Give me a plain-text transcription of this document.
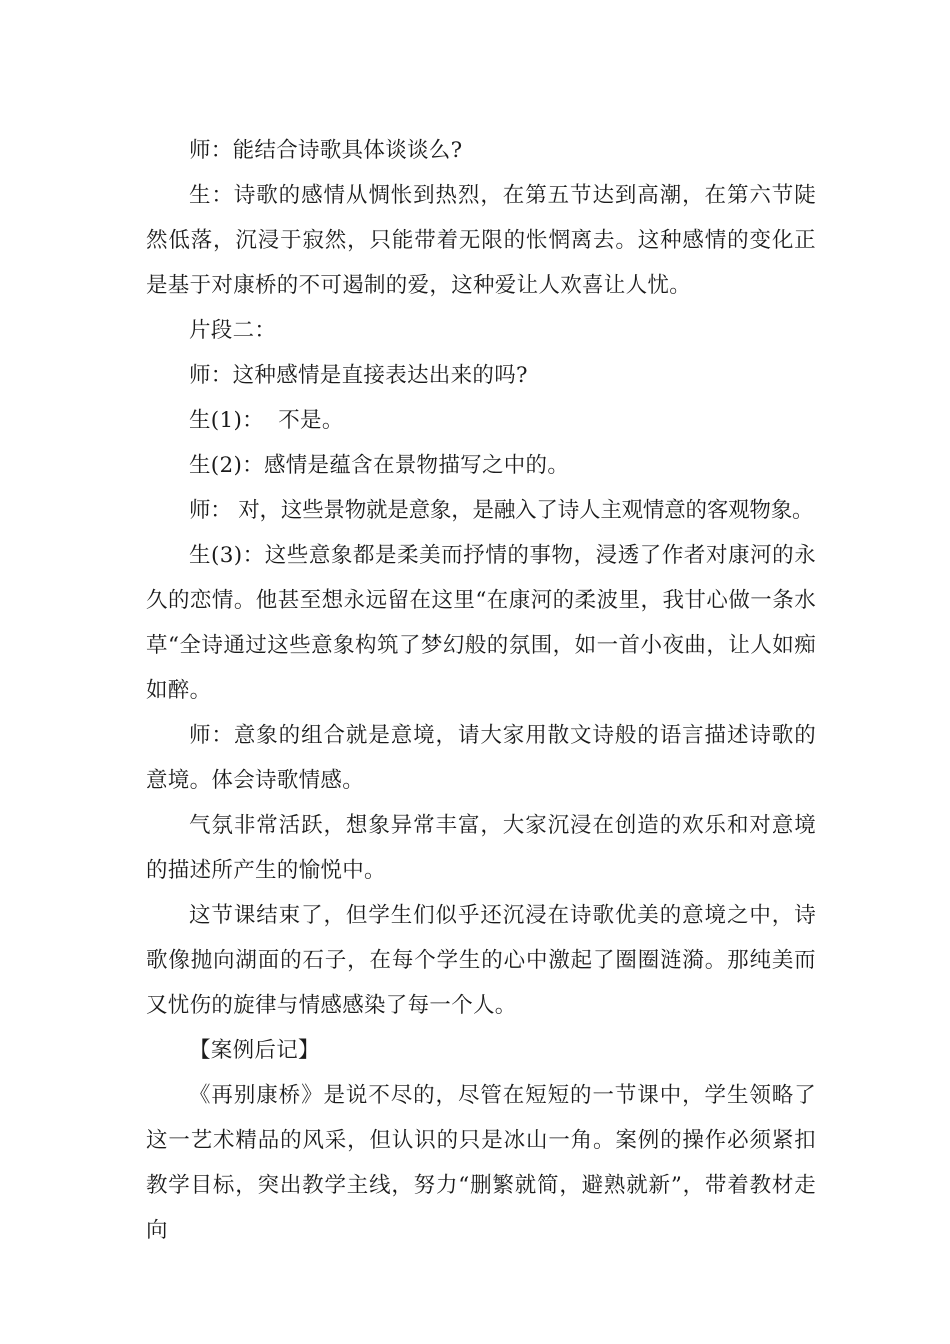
师：能结合诗歌具体谈谈么?

生：诗歌的感情从惆怅到热烈，在第五节达到高潮，在第六节陡然低落，沉浸于寂然，只能带着无限的怅惘离去。这种感情的变化正是基于对康桥的不可遏制的爱，这种爱让人欢喜让人忧。

片段二：

师：这种感情是直接表达出来的吗?

生(1)：  不是。

生(2)：感情是蕴含在景物描写之中的。

师： 对，这些景物就是意象，是融入了诗人主观情意的客观物象。

生(3)：这些意象都是柔美而抒情的事物，浸透了作者对康河的永久的恋情。他甚至想永远留在这里“在康河的柔波里，我甘心做一条水草“全诗通过这些意象构筑了梦幻般的氛围，如一首小夜曲，让人如痴如醉。

师：意象的组合就是意境，请大家用散文诗般的语言描述诗歌的意境。体会诗歌情感。

气氛非常活跃，想象异常丰富，大家沉浸在创造的欢乐和对意境的描述所产生的愉悦中。

这节课结束了，但学生们似乎还沉浸在诗歌优美的意境之中，诗歌像抛向湖面的石子，在每个学生的心中激起了圈圈涟漪。那纯美而又忧伤的旋律与情感感染了每一个人。

【案例后记】

《再别康桥》是说不尽的，尽管在短短的一节课中，学生领略了这一艺术精品的风采，但认识的只是冰山一角。案例的操作必须紧扣教学目标，突出教学主线，努力“删繁就简，避熟就新”，带着教材走向
